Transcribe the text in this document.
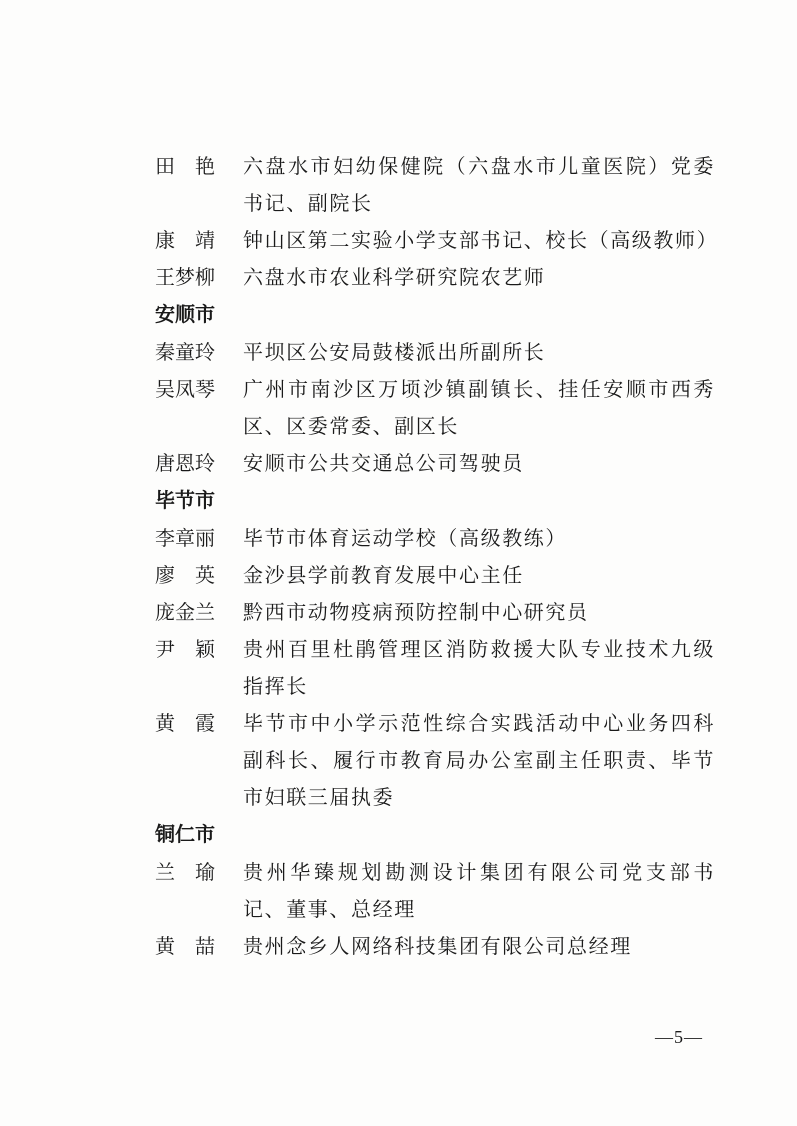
田　艳	六盘水市妇幼保健院（六盘水市儿童医院）党委书记、副院长
康　靖	钟山区第二实验小学支部书记、校长（高级教师）
王梦柳	六盘水市农业科学研究院农艺师
安顺市
秦童玲	平坝区公安局鼓楼派出所副所长
吴凤琴	广州市南沙区万顷沙镇副镇长、挂任安顺市西秀区、区委常委、副区长
唐恩玲	安顺市公共交通总公司驾驶员
毕节市
李章丽	毕节市体育运动学校（高级教练）
廖　英	金沙县学前教育发展中心主任
庞金兰	黔西市动物疫病预防控制中心研究员
尹　颖	贵州百里杜鹃管理区消防救援大队专业技术九级指挥长
黄　霞	毕节市中小学示范性综合实践活动中心业务四科副科长、履行市教育局办公室副主任职责、毕节市妇联三届执委
铜仁市
兰　瑜	贵州华臻规划勘测设计集团有限公司党支部书记、董事、总经理
黄　喆	贵州念乡人网络科技集团有限公司总经理
—5—
